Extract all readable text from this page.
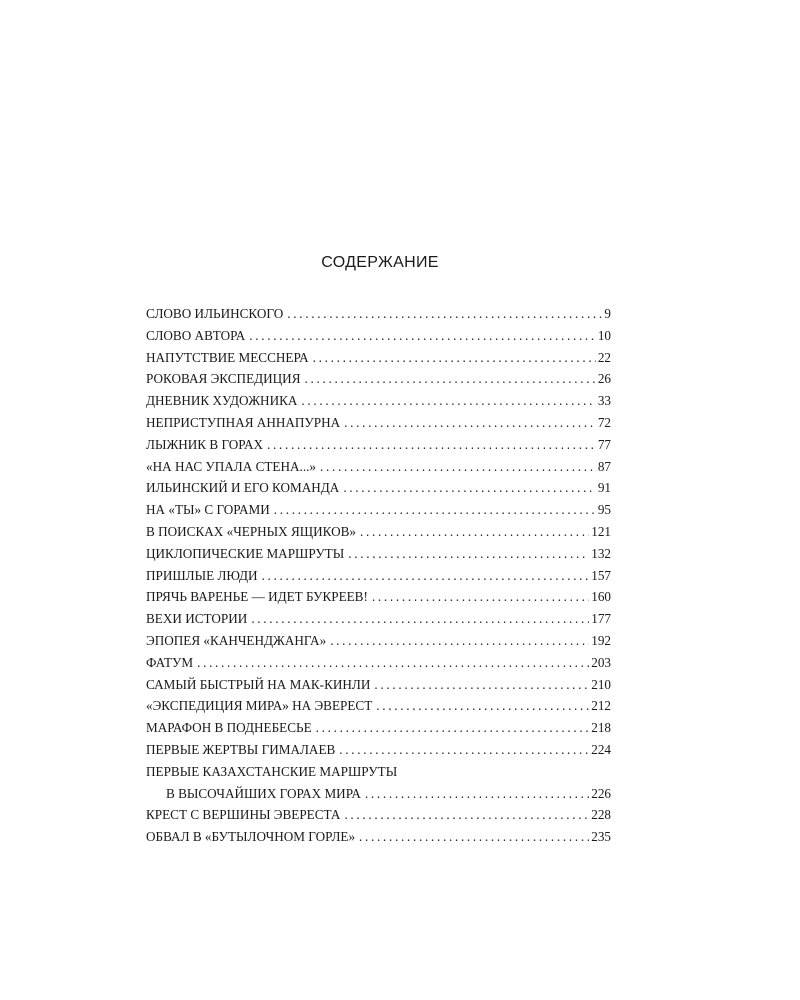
СОДЕРЖАНИЕ
СЛОВО ИЛЬИНСКОГО . . .	9
СЛОВО АВТОРА . . .	10
НАПУТСТВИЕ МЕССНЕРА . . .	22
РОКОВАЯ ЭКСПЕДИЦИЯ . . .	26
ДНЕВНИК ХУДОЖНИКА . . .	33
НЕПРИСТУПНАЯ АННАПУРНА . . .	72
ЛЫЖНИК В ГОРАХ . . .	77
«НА НАС УПАЛА СТЕНА...» . . .	87
ИЛЬИНСКИЙ И ЕГО КОМАНДА . . .	91
НА «ТЫ» С ГОРАМИ . . .	95
В ПОИСКАХ «ЧЕРНЫХ ЯЩИКОВ» . . .	121
ЦИКЛОПИЧЕСКИЕ МАРШРУТЫ . . .	132
ПРИШЛЫЕ ЛЮДИ . . .	157
ПРЯЧЬ ВАРЕНЬЕ — ИДЕТ БУКРЕЕВ! . . .	160
ВЕХИ ИСТОРИИ . . .	177
ЭПОПЕЯ «КАНЧЕНДЖАНГА» . . .	192
ФАТУМ . . .	203
САМЫЙ БЫСТРЫЙ НА МАК-КИНЛИ . . .	210
«ЭКСПЕДИЦИЯ МИРА» НА ЭВЕРЕСТ . . .	212
МАРАФОН В ПОДНЕБЕСЬЕ . . .	218
ПЕРВЫЕ ЖЕРТВЫ ГИМАЛАЕВ . . .	224
ПЕРВЫЕ КАЗАХСТАНСКИЕ МАРШРУТЫ
В ВЫСОЧАЙШИХ ГОРАХ МИРА . . .	226
КРЕСТ С ВЕРШИНЫ ЭВЕРЕСТА . . .	228
ОБВАЛ В «БУТЫЛОЧНОМ ГОРЛЕ» . . .	235
